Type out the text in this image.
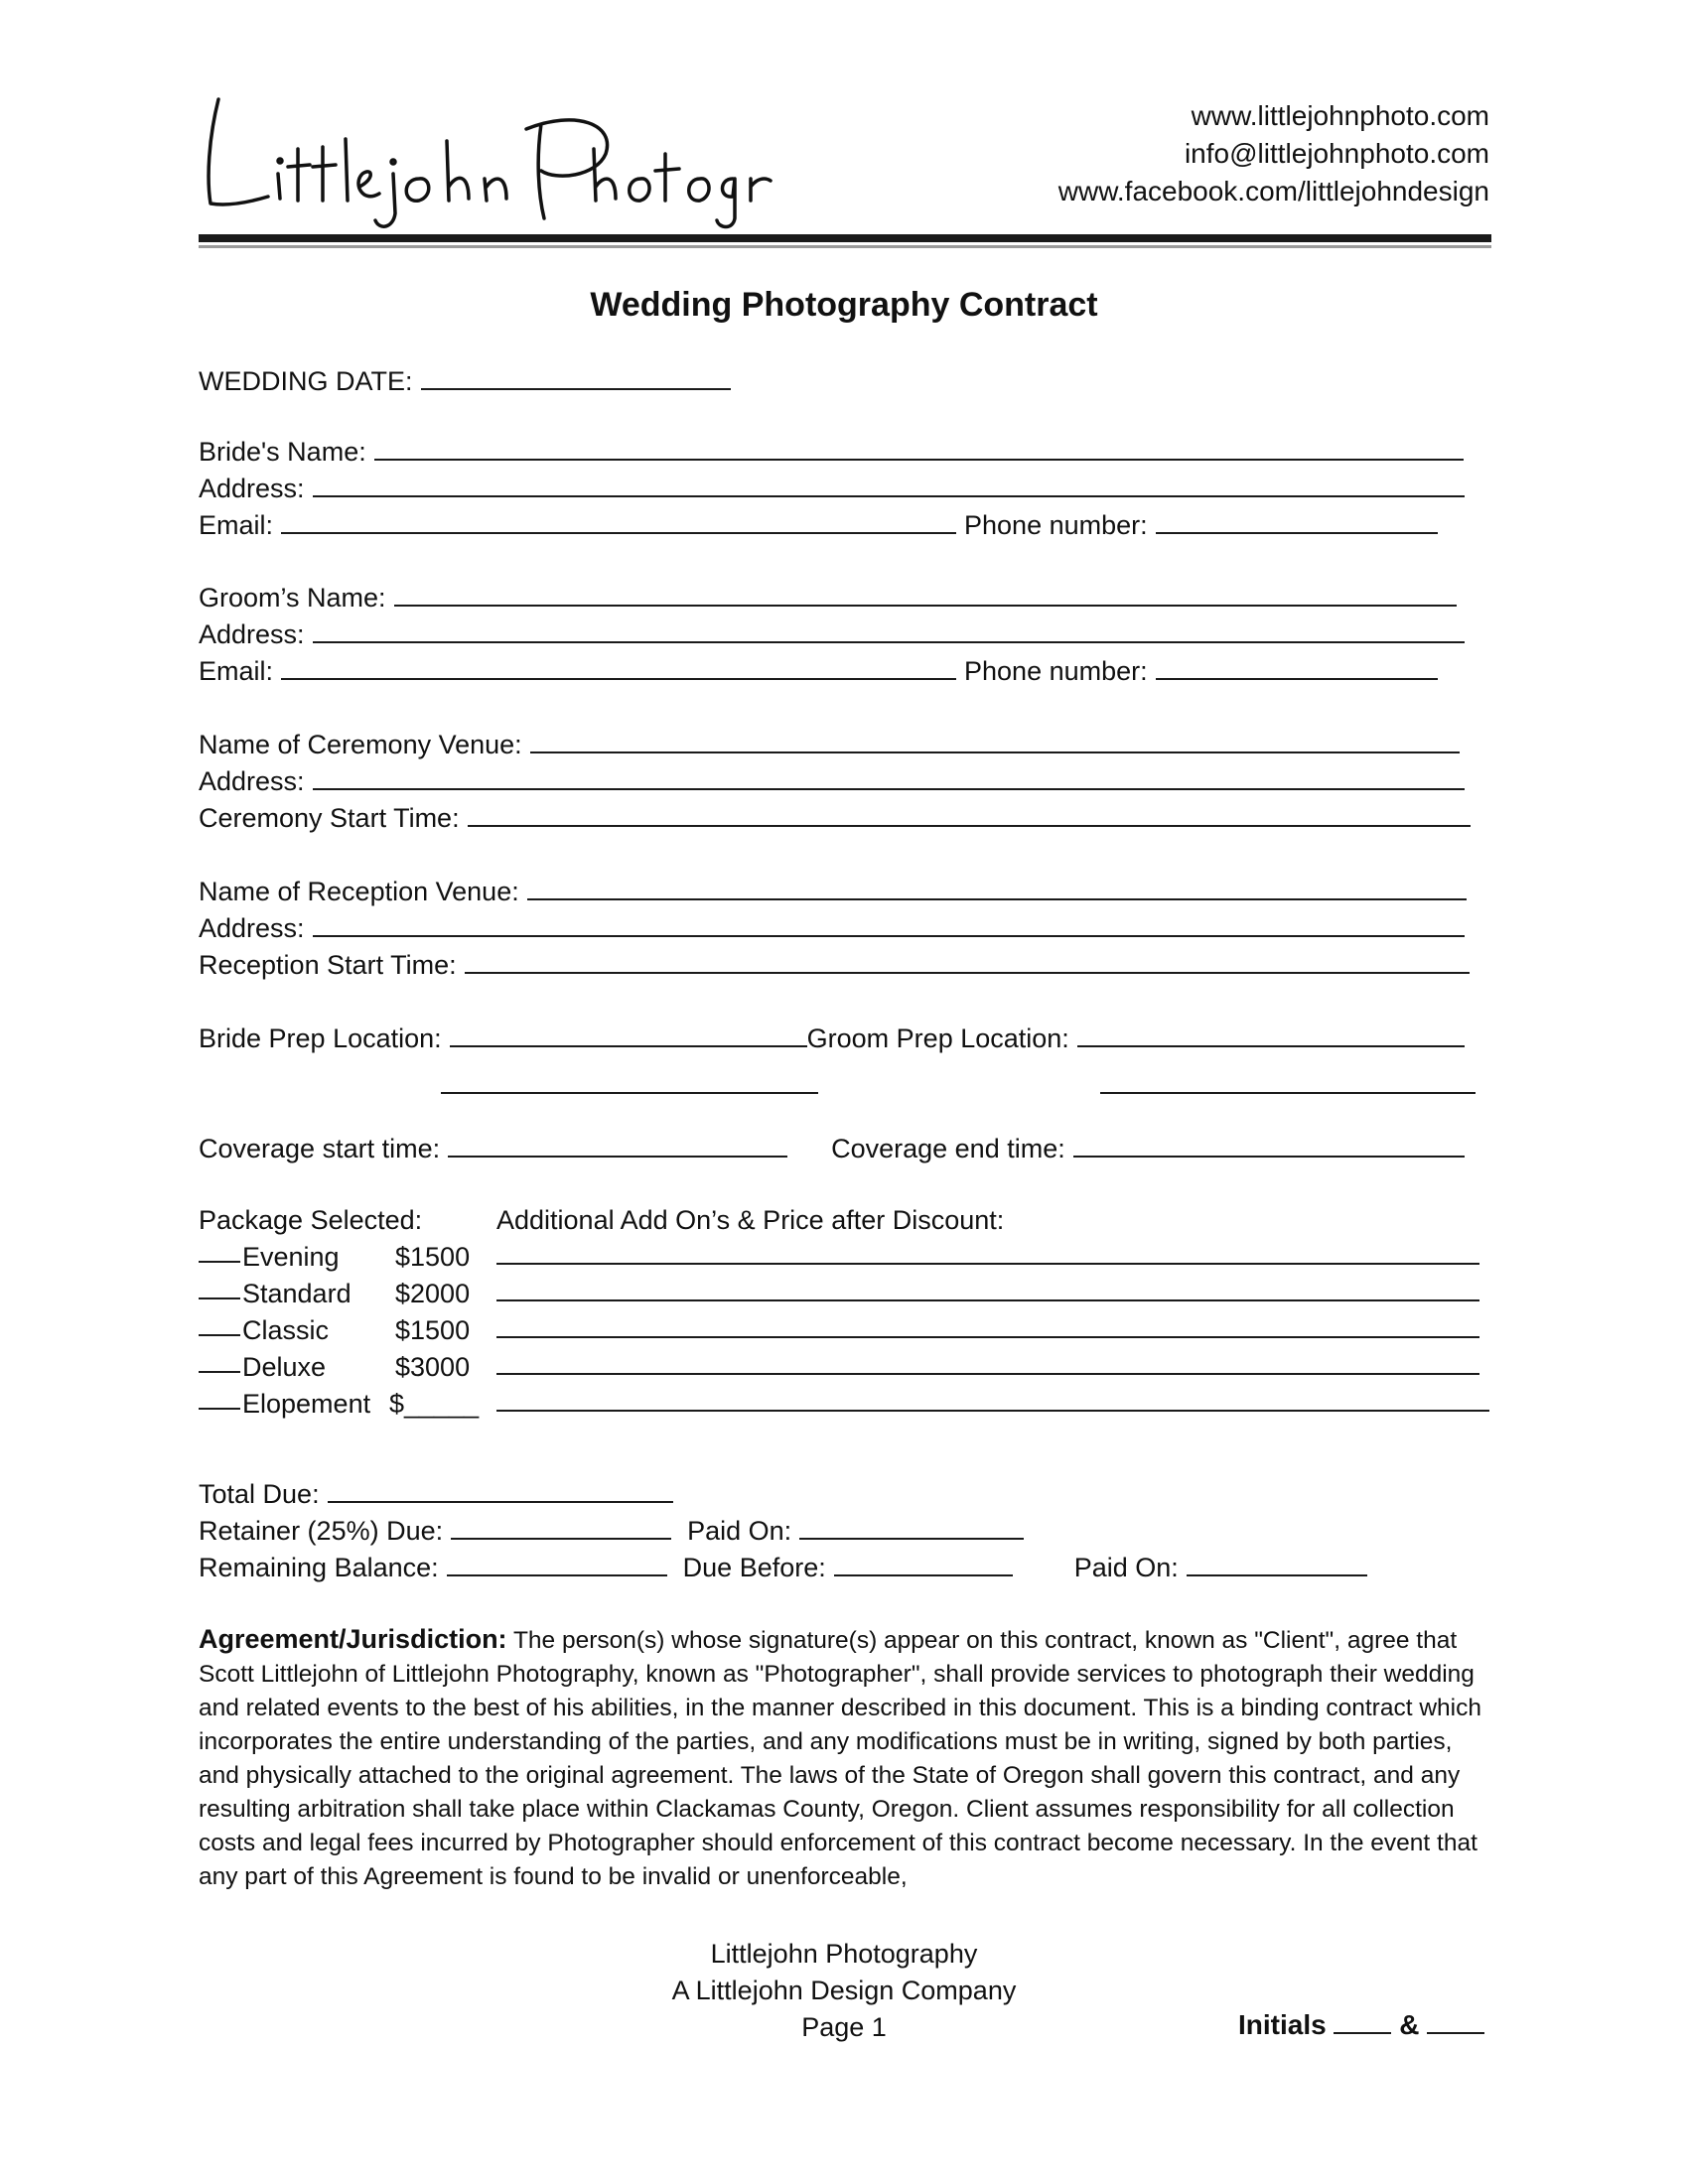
www.littlejohnphoto.com
info@littlejohnphoto.com
www.facebook.com/littlejohndesign
Wedding Photography Contract
WEDDING DATE:
Bride's Name:
Address:
Email:	Phone number:
Groom’s Name:
Address:
Email:	Phone number:
Name of Ceremony Venue:
Address:
Ceremony Start Time:
Name of Reception Venue:
Address:
Reception Start Time:
Bride Prep Location:	Groom Prep Location:
Coverage start time:	Coverage end time:
Package Selected:	Additional Add On’s & Price after Discount:
Evening $1500
Standard $2000
Classic $1500
Deluxe	$3000
Elopement $_____
Total Due:
Retainer (25%) Due:	Paid On:
Remaining Balance:	Due Before:	Paid On:
Agreement/Jurisdiction: The person(s) whose signature(s) appear on this contract, known as "Client", agree that Scott Littlejohn of Littlejohn Photography, known as "Photographer", shall provide services to photograph their wedding and related events to the best of his abilities, in the manner described in this document. This is a binding contract which incorporates the entire understanding of the parties, and any modifications must be in writing, signed by both parties, and physically attached to the original agreement. The laws of the State of Oregon shall govern this contract, and any resulting arbitration shall take place within Clackamas County, Oregon. Client assumes responsibility for all collection costs and legal fees incurred by Photographer should enforcement of this contract become necessary. In the event that any part of this Agreement is found to be invalid or unenforceable,
Littlejohn Photography
A Littlejohn Design Company
Page 1	Initials	&
